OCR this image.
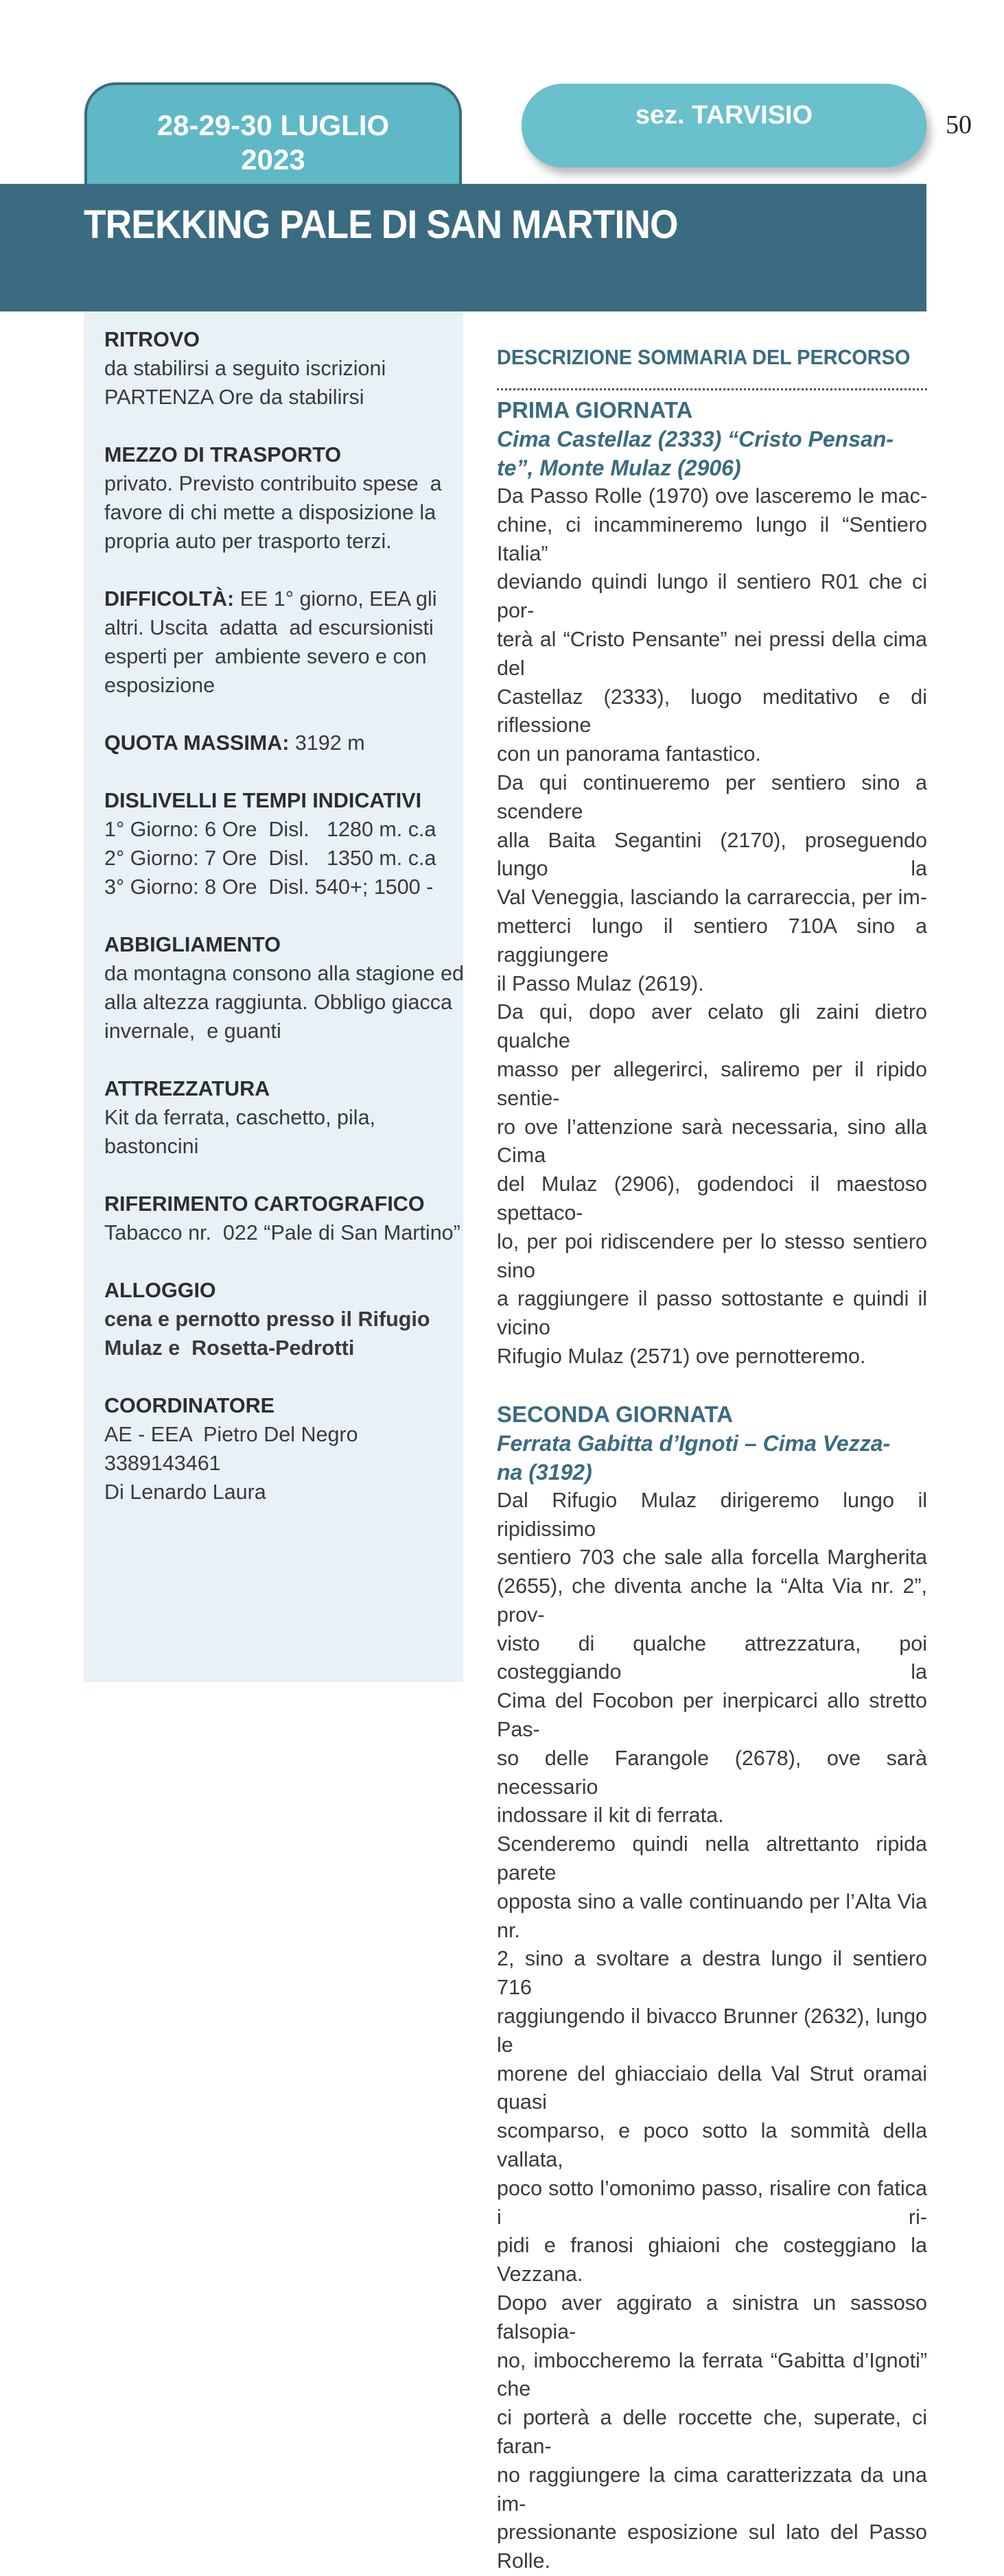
28-29-30 LUGLIO
2023
sez. TARVISIO	50
TREKKING PALE DI SAN MARTINO
RITROVO
da stabilirsi a seguito iscrizioni
PARTENZA Ore da stabilirsi
MEZZO DI TRASPORTO
privato. Previsto contribuito spese  a
favore di chi mette a disposizione la
propria auto per trasporto terzi.
DIFFICOLTÀ: EE 1° giorno, EEA gli
altri. Uscita  adatta  ad escursionisti
esperti per  ambiente severo e con
esposizione
QUOTA MASSIMA: 3192 m
DISLIVELLI E TEMPI INDICATIVI
1° Giorno: 6 Ore  Disl.   1280 m. c.a
2° Giorno: 7 Ore  Disl.   1350 m. c.a
3° Giorno: 8 Ore  Disl. 540+; 1500 -
ABBIGLIAMENTO
da montagna consono alla stagione ed
alla altezza raggiunta. Obbligo giacca
invernale,  e guanti
ATTREZZATURA
Kit da ferrata, caschetto, pila,
bastoncini
RIFERIMENTO CARTOGRAFICO
Tabacco nr.  022 “Pale di San Martino”
ALLOGGIO
cena e pernotto presso il Rifugio
Mulaz e  Rosetta-Pedrotti
COORDINATORE
AE - EEA  Pietro Del Negro
3389143461
Di Lenardo Laura
DESCRIZIONE SOMMARIA DEL PERCORSO
PRIMA GIORNATA
Cima Castellaz (2333) “Cristo Pensan-
te”, Monte Mulaz (2906)
Da Passo Rolle (1970) ove lasceremo le mac-
chine, ci incammineremo lungo il “Sentiero Italia”
deviando quindi lungo il sentiero R01 che ci por-
terà al “Cristo Pensante” nei pressi della cima del
Castellaz (2333), luogo meditativo e di riflessione
con un panorama fantastico.
Da qui continueremo per sentiero sino a scendere
alla Baita Segantini (2170), proseguendo lungo la
Val Veneggia, lasciando la carrareccia, per im-
metterci lungo il sentiero 710A sino a raggiungere
il Passo Mulaz (2619).
Da qui, dopo aver celato gli zaini dietro qualche
masso per allegerirci, saliremo per il ripido sentie-
ro ove l’attenzione sarà necessaria, sino alla Cima
del Mulaz (2906), godendoci il maestoso spettaco-
lo, per poi ridiscendere per lo stesso sentiero sino
a raggiungere il passo sottostante e quindi il vicino
Rifugio Mulaz (2571) ove pernotteremo.
SECONDA GIORNATA
Ferrata Gabitta d’Ignoti – Cima Vezza-
na (3192)
Dal Rifugio Mulaz dirigeremo lungo il ripidissimo
sentiero 703 che sale alla forcella Margherita
(2655), che diventa anche la “Alta Via nr. 2”, prov-
visto di qualche attrezzatura, poi costeggiando la
Cima del Focobon per inerpicarci allo stretto Pas-
so delle Farangole (2678), ove sarà necessario
indossare il kit di ferrata.
Scenderemo quindi nella altrettanto ripida parete
opposta sino a valle continuando per l’Alta Via nr.
2, sino a svoltare a destra lungo il sentiero 716
raggiungendo il bivacco Brunner (2632), lungo le
morene del ghiacciaio della Val Strut oramai quasi
scomparso, e poco sotto la sommità della vallata,
poco sotto l’omonimo passo, risalire con fatica i ri-
pidi e franosi ghiaioni che costeggiano la Vezzana.
Dopo aver aggirato a sinistra un sassoso falsopia-
no, imboccheremo la ferrata “Gabitta d’Ignoti” che
ci porterà a delle roccette che, superate, ci faran-
no raggiungere la cima caratterizzata da una im-
pressionante esposizione sul lato del Passo Rolle.
